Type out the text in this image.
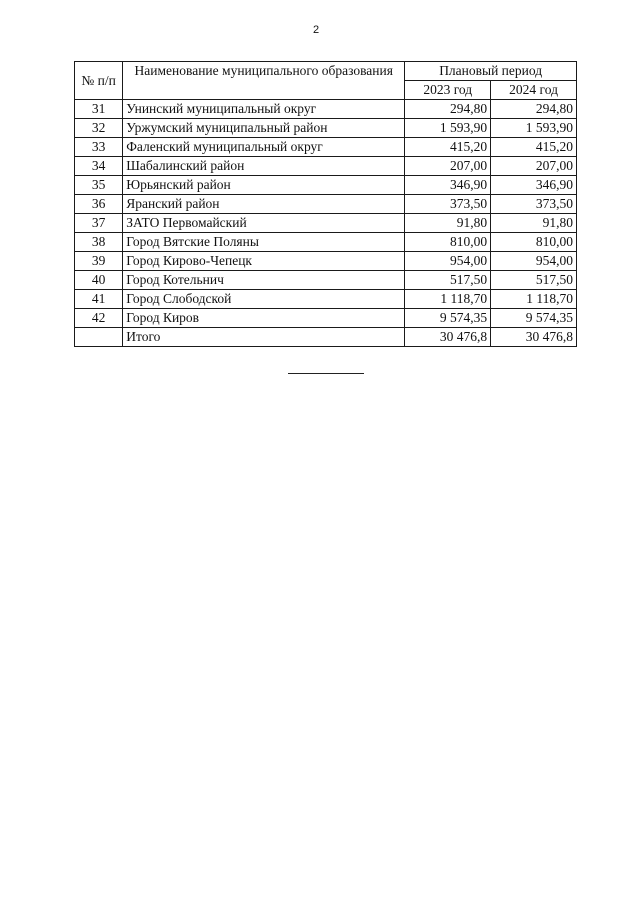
2
№ п/п	Наименование муниципального образования	Плановый период	
		2023 год	2024 год
31	Унинский муниципальный округ	294,80	294,80
32	Уржумский муниципальный район	1 593,90	1 593,90
33	Фаленский муниципальный округ	415,20	415,20
34	Шабалинский район	207,00	207,00
35	Юрьянский район	346,90	346,90
36	Яранский район	373,50	373,50
37	ЗАТО Первомайский	91,80	91,80
38	Город Вятские Поляны	810,00	810,00
39	Город Кирово-Чепецк	954,00	954,00
40	Город Котельнич	517,50	517,50
41	Город Слободской	1 118,70	1 118,70
42	Город Киров	9 574,35	9 574,35
	Итого	30 476,8	30 476,8
